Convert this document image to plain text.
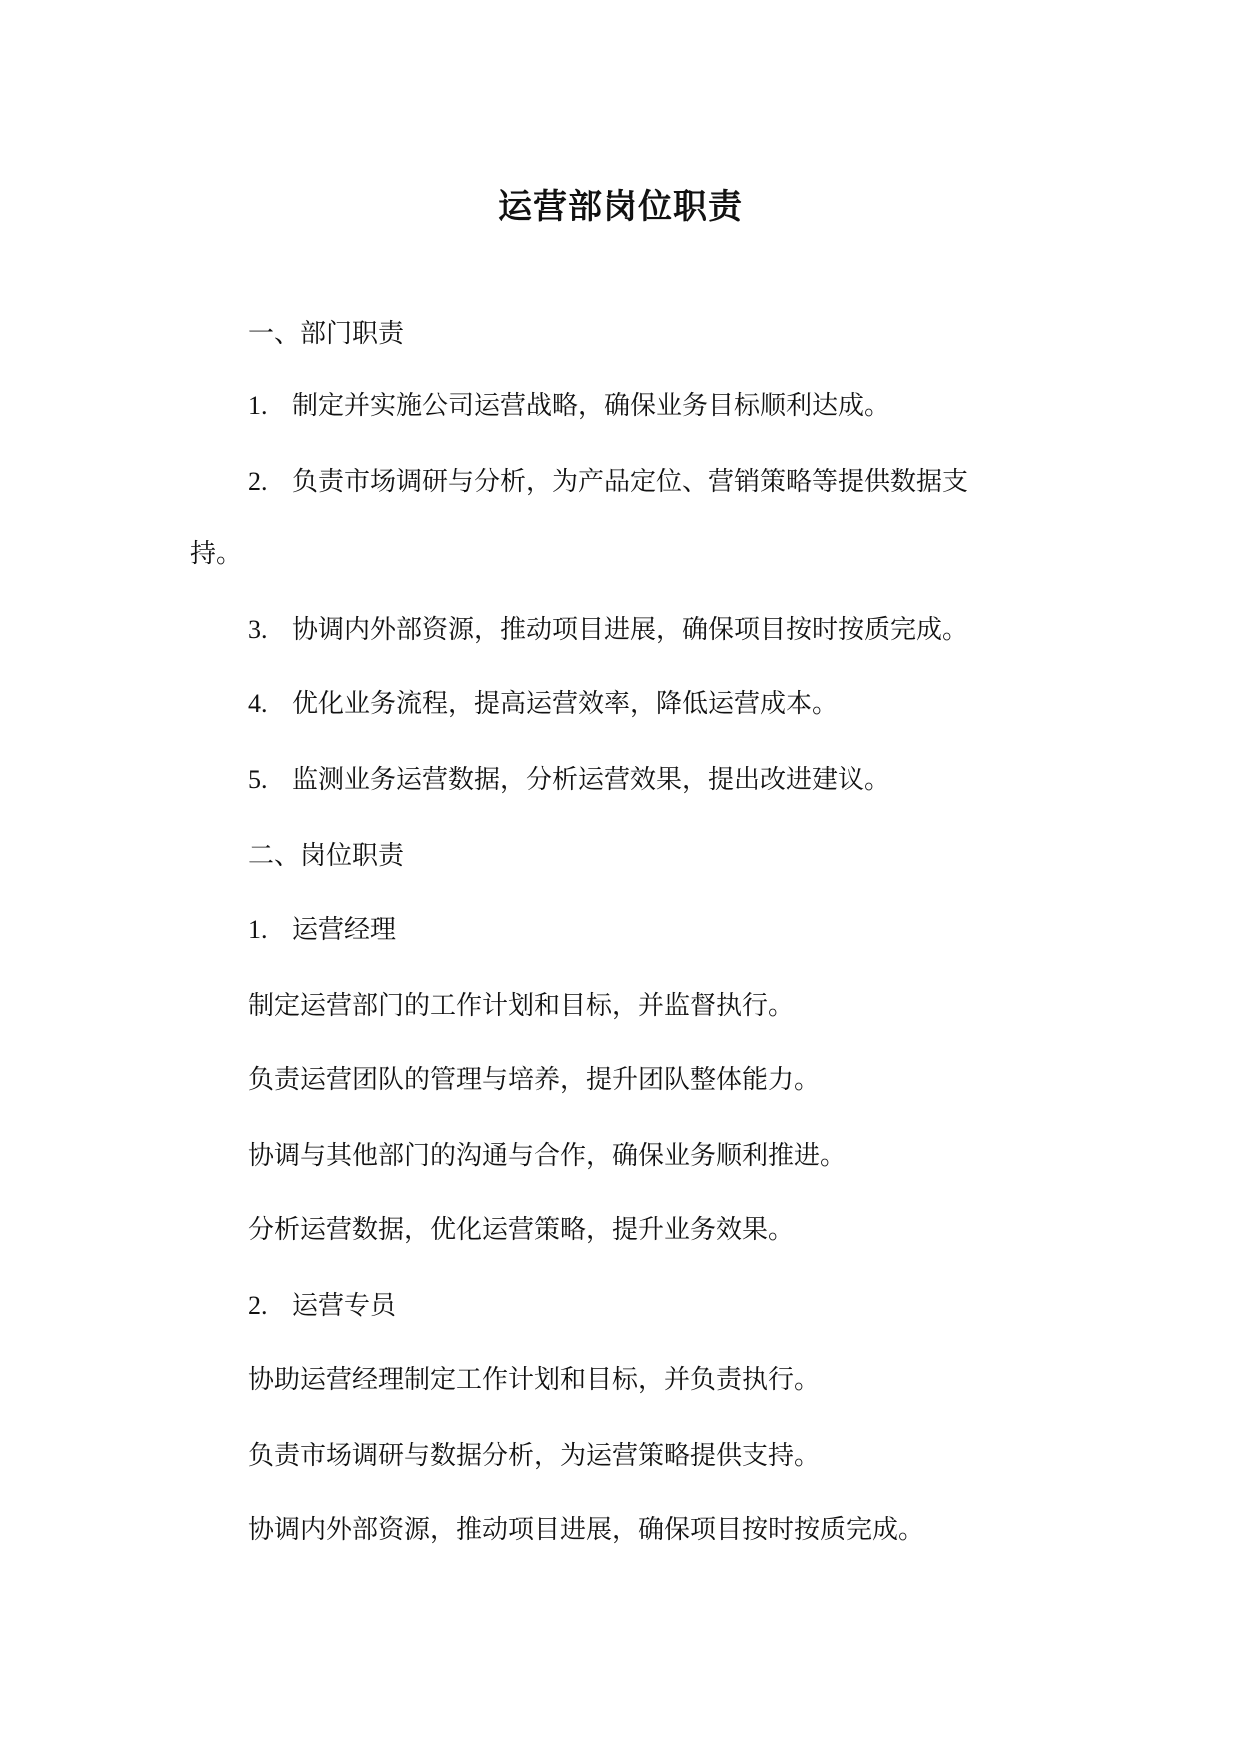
运营部岗位职责
一、部门职责
1. 制定并实施公司运营战略，确保业务目标顺利达成。
2. 负责市场调研与分析，为产品定位、营销策略等提供数据支
持。
3. 协调内外部资源，推动项目进展，确保项目按时按质完成。
4. 优化业务流程，提高运营效率，降低运营成本。
5. 监测业务运营数据，分析运营效果，提出改进建议。
二、岗位职责
1. 运营经理
制定运营部门的工作计划和目标，并监督执行。
负责运营团队的管理与培养，提升团队整体能力。
协调与其他部门的沟通与合作，确保业务顺利推进。
分析运营数据，优化运营策略，提升业务效果。
2. 运营专员
协助运营经理制定工作计划和目标，并负责执行。
负责市场调研与数据分析，为运营策略提供支持。
协调内外部资源，推动项目进展，确保项目按时按质完成。
